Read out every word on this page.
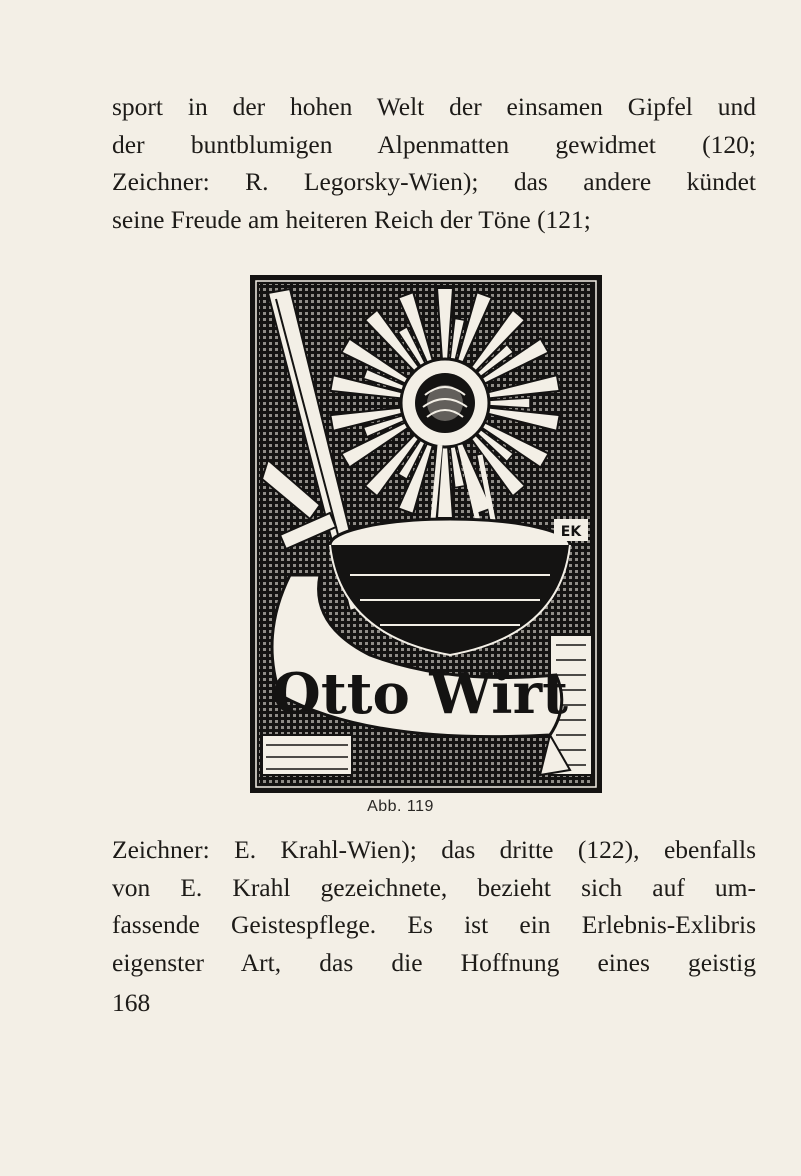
sport in der hohen Welt der einsamen Gipfel und
der buntblumigen Alpenmatten gewidmet (120;
Zeichner: R. Legorsky-Wien); das andere kündet
seine Freude am heiteren Reich der Töne (121;

EK
Otto Wirt
Abb. 119

Zeichner: E. Krahl-Wien); das dritte (122), ebenfalls
von E. Krahl gezeichnete, bezieht sich auf um-
fassende Geistespflege. Es ist ein Erlebnis-Exlibris
eigenster Art, das die Hoffnung eines geistig

168
